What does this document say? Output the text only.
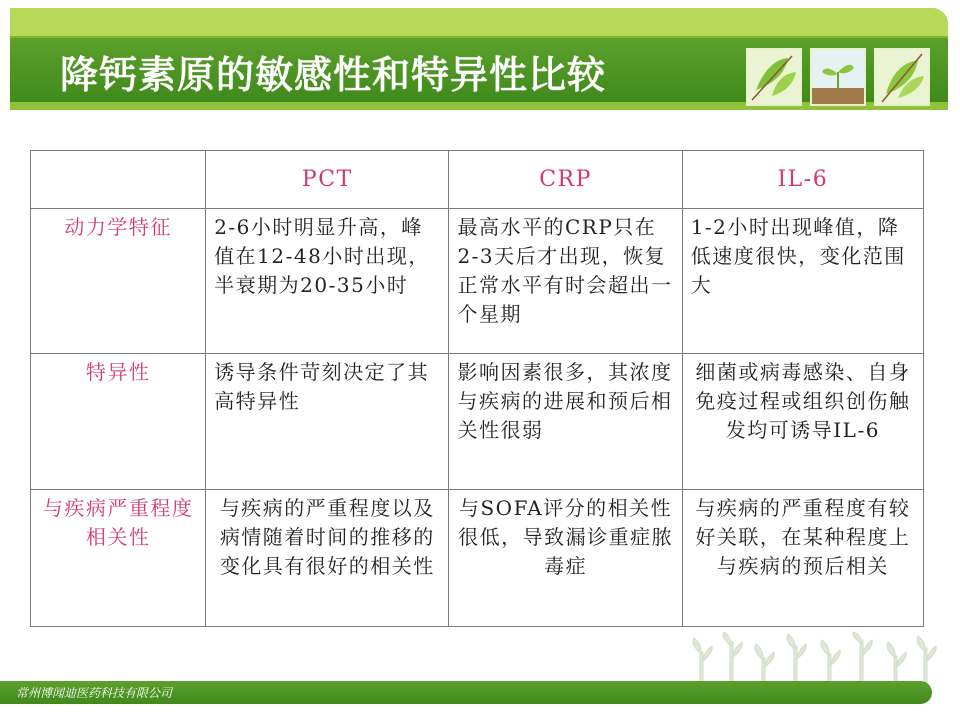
降钙素原的敏感性和特异性比较
	PCT	CRP	IL-6
动力学特征	2-6小时明显升高，峰值在12-48小时出现，半衰期为20-35小时	最高水平的CRP只在2-3天后才出现，恢复正常水平有时会超出一个星期	1-2小时出现峰值，降低速度很快，变化范围大
特异性	诱导条件苛刻决定了其高特异性	影响因素很多，其浓度与疾病的进展和预后相关性很弱	细菌或病毒感染、自身免疫过程或组织创伤触发均可诱导IL-6
与疾病严重程度相关性	与疾病的严重程度以及病情随着时间的推移的变化具有很好的相关性	与SOFA评分的相关性很低，导致漏诊重症脓毒症	与疾病的严重程度有较好关联，在某种程度上与疾病的预后相关
常州博闻迪医药科技有限公司
